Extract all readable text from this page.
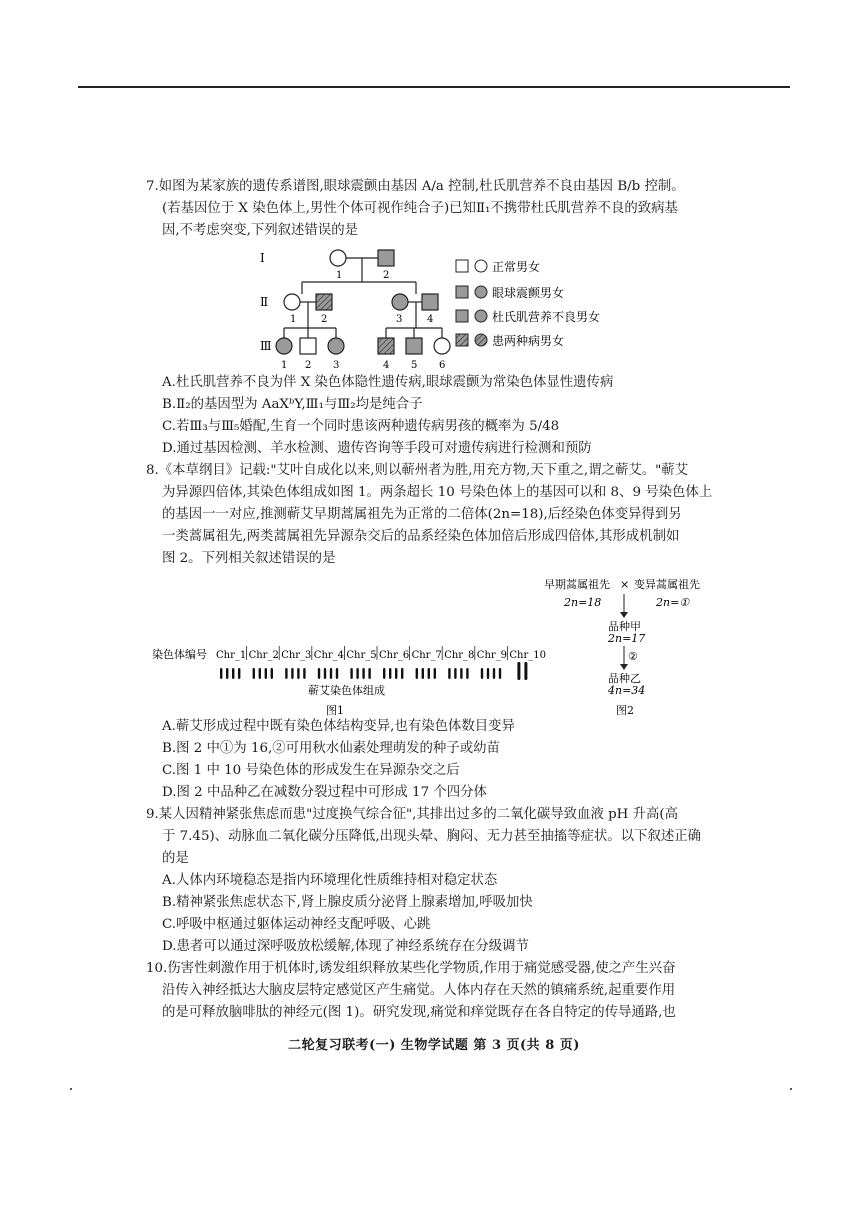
7.如图为某家族的遗传系谱图,眼球震颤由基因 A/a 控制,杜氏肌营养不良由基因 B/b 控制。
(若基因位于 X 染色体上,男性个体可视作纯合子)已知Ⅱ₁不携带杜氏肌营养不良的致病基
因,不考虑突变,下列叙述错误的是
Ⅰ
Ⅱ
Ⅲ
1	2
1 2	3 4
1 2 3	4 5 6
正常男女
眼球震颤男女
杜氏肌营养不良男女
患两种病男女
A.杜氏肌营养不良为伴 X 染色体隐性遗传病,眼球震颤为常染色体显性遗传病
B.Ⅱ₂的基因型为 AaXᵇY,Ⅲ₁与Ⅲ₂均是纯合子
C.若Ⅲ₃与Ⅲ₅婚配,生育一个同时患该两种遗传病男孩的概率为 5/48
D.通过基因检测、羊水检测、遗传咨询等手段可对遗传病进行检测和预防
8.《本草纲目》记载:"艾叶自成化以来,则以蕲州者为胜,用充方物,天下重之,谓之蕲艾。"蕲艾
为异源四倍体,其染色体组成如图 1。两条超长 10 号染色体上的基因可以和 8、9 号染色体上
的基因一一对应,推测蕲艾早期蒿属祖先为正常的二倍体(2n=18),后经染色体变异得到另
一类蒿属祖先,两类蒿属祖先异源杂交后的品系经染色体加倍后形成四倍体,其形成机制如
图 2。下列相关叙述错误的是
染色体编号 Chr_1 Chr_2 Chr_3 Chr_4 Chr_5 Chr_6 Chr_7 Chr_8 Chr_9 Chr_10
蕲艾染色体组成
图1
早期蒿属祖先 × 变异蒿属祖先
2n=18	2n=①
品种甲
2n=17
②
品种乙
4n=34
图2
A.蕲艾形成过程中既有染色体结构变异,也有染色体数目变异
B.图 2 中①为 16,②可用秋水仙素处理萌发的种子或幼苗
C.图 1 中 10 号染色体的形成发生在异源杂交之后
D.图 2 中品种乙在减数分裂过程中可形成 17 个四分体
9.某人因精神紧张焦虑而患"过度换气综合征",其排出过多的二氧化碳导致血液 pH 升高(高
于 7.45)、动脉血二氧化碳分压降低,出现头晕、胸闷、无力甚至抽搐等症状。以下叙述正确
的是
A.人体内环境稳态是指内环境理化性质维持相对稳定状态
B.精神紧张焦虑状态下,肾上腺皮质分泌肾上腺素增加,呼吸加快
C.呼吸中枢通过躯体运动神经支配呼吸、心跳
D.患者可以通过深呼吸放松缓解,体现了神经系统存在分级调节
10.伤害性刺激作用于机体时,诱发组织释放某些化学物质,作用于痛觉感受器,使之产生兴奋
沿传入神经抵达大脑皮层特定感觉区产生痛觉。人体内存在天然的镇痛系统,起重要作用
的是可释放脑啡肽的神经元(图 1)。研究发现,痛觉和痒觉既存在各自特定的传导通路,也
二轮复习联考(一) 生物学试题 第 3 页(共 8 页)
